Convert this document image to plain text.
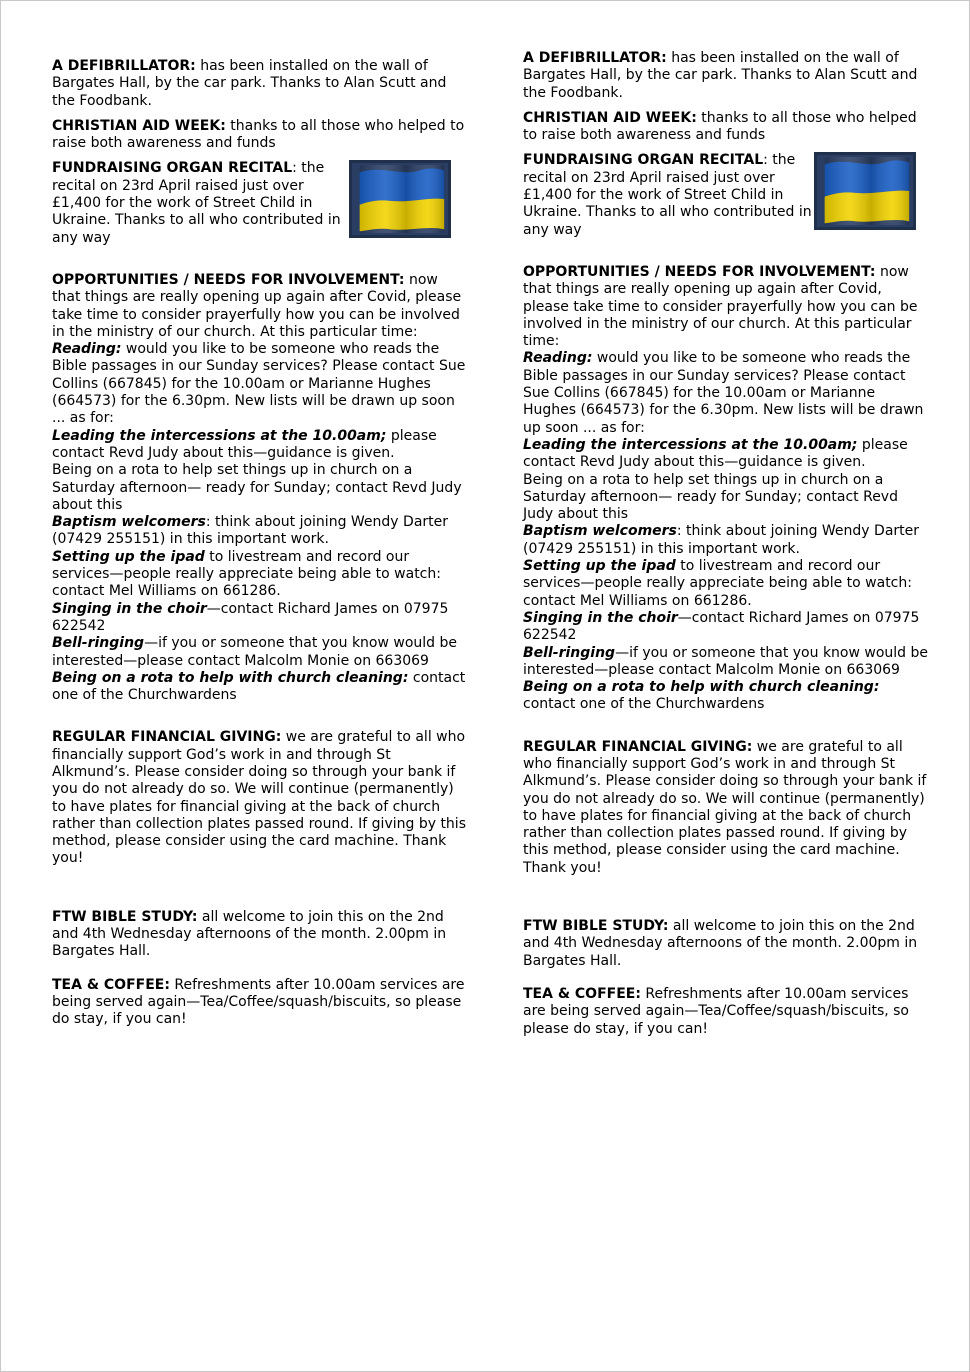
A DEFIBRILLATOR: has been installed on the wall of Bargates Hall, by the car park. Thanks to Alan Scutt and the Foodbank.

CHRISTIAN AID WEEK: thanks to all those who helped to raise both awareness and funds

FUNDRAISING ORGAN RECITAL: the recital on 23rd April raised just over £1,400 for the work of Street Child in Ukraine. Thanks to all who contributed in any way

OPPORTUNITIES / NEEDS FOR INVOLVEMENT: now that things are really opening up again after Covid, please take time to consider prayerfully how you can be involved in the ministry of our church. At this particular time:

Reading: would you like to be someone who reads the Bible passages in our Sunday services? Please contact Sue Collins (667845) for the 10.00am or Marianne Hughes (664573) for the 6.30pm. New lists will be drawn up soon ... as for:

Leading the intercessions at the 10.00am; please contact Revd Judy about this—guidance is given.

Being on a rota to help set things up in church on a Saturday afternoon— ready for Sunday; contact Revd Judy about this

Baptism welcomers: think about joining Wendy Darter (07429 255151) in this important work.

Setting up the ipad to livestream and record our services—people really appreciate being able to watch: contact Mel Williams on 661286.

Singing in the choir—contact Richard James on 07975 622542

Bell-ringing—if you or someone that you know would be interested—please contact Malcolm Monie on 663069

Being on a rota to help with church cleaning: contact one of the Churchwardens

REGULAR FINANCIAL GIVING: we are grateful to all who financially support God’s work in and through St Alkmund’s. Please consider doing so through your bank if you do not already do so. We will continue (permanently) to have plates for financial giving at the back of church rather than collection plates passed round. If giving by this method, please consider using the card machine. Thank you!

FTW BIBLE STUDY: all welcome to join this on the 2nd and 4th Wednesday afternoons of the month. 2.00pm in Bargates Hall.

TEA & COFFEE: Refreshments after 10.00am services are being served again—Tea/Coffee/squash/biscuits, so please do stay, if you can!

A DEFIBRILLATOR: has been installed on the wall of Bargates Hall, by the car park. Thanks to Alan Scutt and the Foodbank.

CHRISTIAN AID WEEK: thanks to all those who helped to raise both awareness and funds

FUNDRAISING ORGAN RECITAL: the recital on 23rd April raised just over £1,400 for the work of Street Child in Ukraine. Thanks to all who contributed in any way

OPPORTUNITIES / NEEDS FOR INVOLVEMENT: now that things are really opening up again after Covid, please take time to consider prayerfully how you can be involved in the ministry of our church. At this particular time:

Reading: would you like to be someone who reads the Bible passages in our Sunday services? Please contact Sue Collins (667845) for the 10.00am or Marianne Hughes (664573) for the 6.30pm. New lists will be drawn up soon ... as for:

Leading the intercessions at the 10.00am; please contact Revd Judy about this—guidance is given.

Being on a rota to help set things up in church on a Saturday afternoon— ready for Sunday; contact Revd Judy about this

Baptism welcomers: think about joining Wendy Darter (07429 255151) in this important work.

Setting up the ipad to livestream and record our services—people really appreciate being able to watch: contact Mel Williams on 661286.

Singing in the choir—contact Richard James on 07975 622542

Bell-ringing—if you or someone that you know would be interested—please contact Malcolm Monie on 663069

Being on a rota to help with church cleaning: contact one of the Churchwardens

REGULAR FINANCIAL GIVING: we are grateful to all who financially support God’s work in and through St Alkmund’s. Please consider doing so through your bank if you do not already do so. We will continue (permanently) to have plates for financial giving at the back of church rather than collection plates passed round. If giving by this method, please consider using the card machine. Thank you!

FTW BIBLE STUDY: all welcome to join this on the 2nd and 4th Wednesday afternoons of the month. 2.00pm in Bargates Hall.

TEA & COFFEE: Refreshments after 10.00am services are being served again—Tea/Coffee/squash/biscuits, so please do stay, if you can!
